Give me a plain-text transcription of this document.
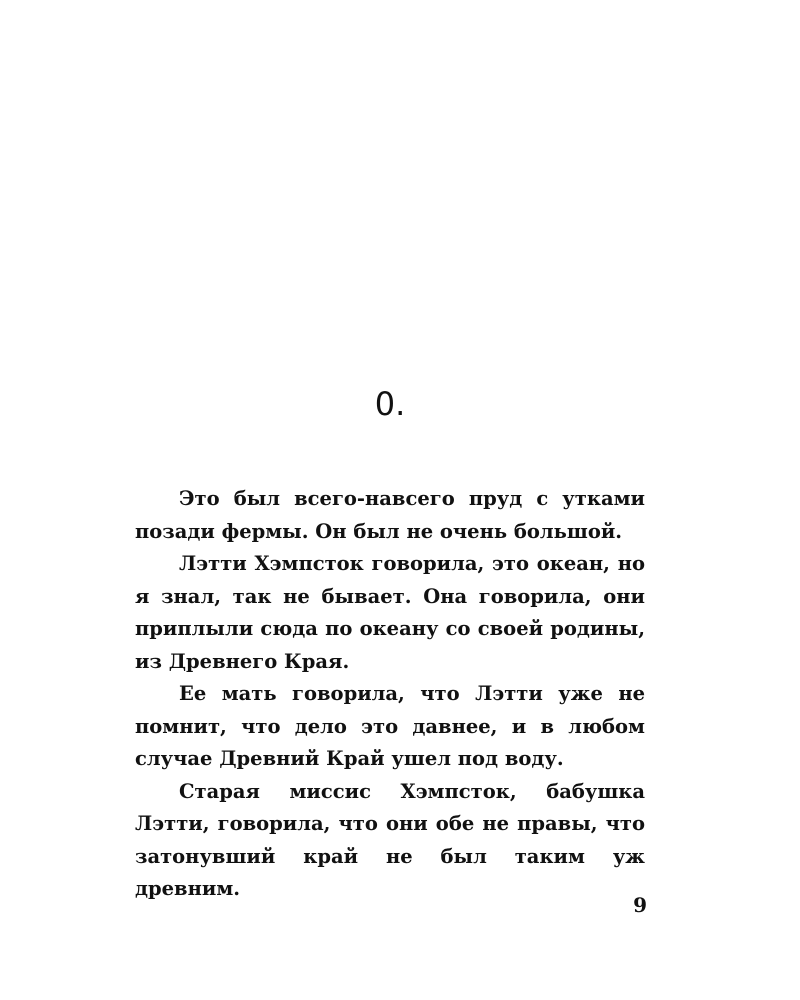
0.

Это был всего-навсего пруд с утками позади фермы. Он был не очень большой.

Лэтти Хэмпсток говорила, это океан, но я знал, так не бывает. Она говорила, они приплыли сюда по океану со своей родины, из Древнего Края.

Ее мать говорила, что Лэтти уже не помнит, что дело это давнее, и в любом случае Древний Край ушел под воду.

Старая миссис Хэмпсток, бабушка Лэтти, говорила, что они обе не правы, что затонувший край не был таким уж древним.

9
